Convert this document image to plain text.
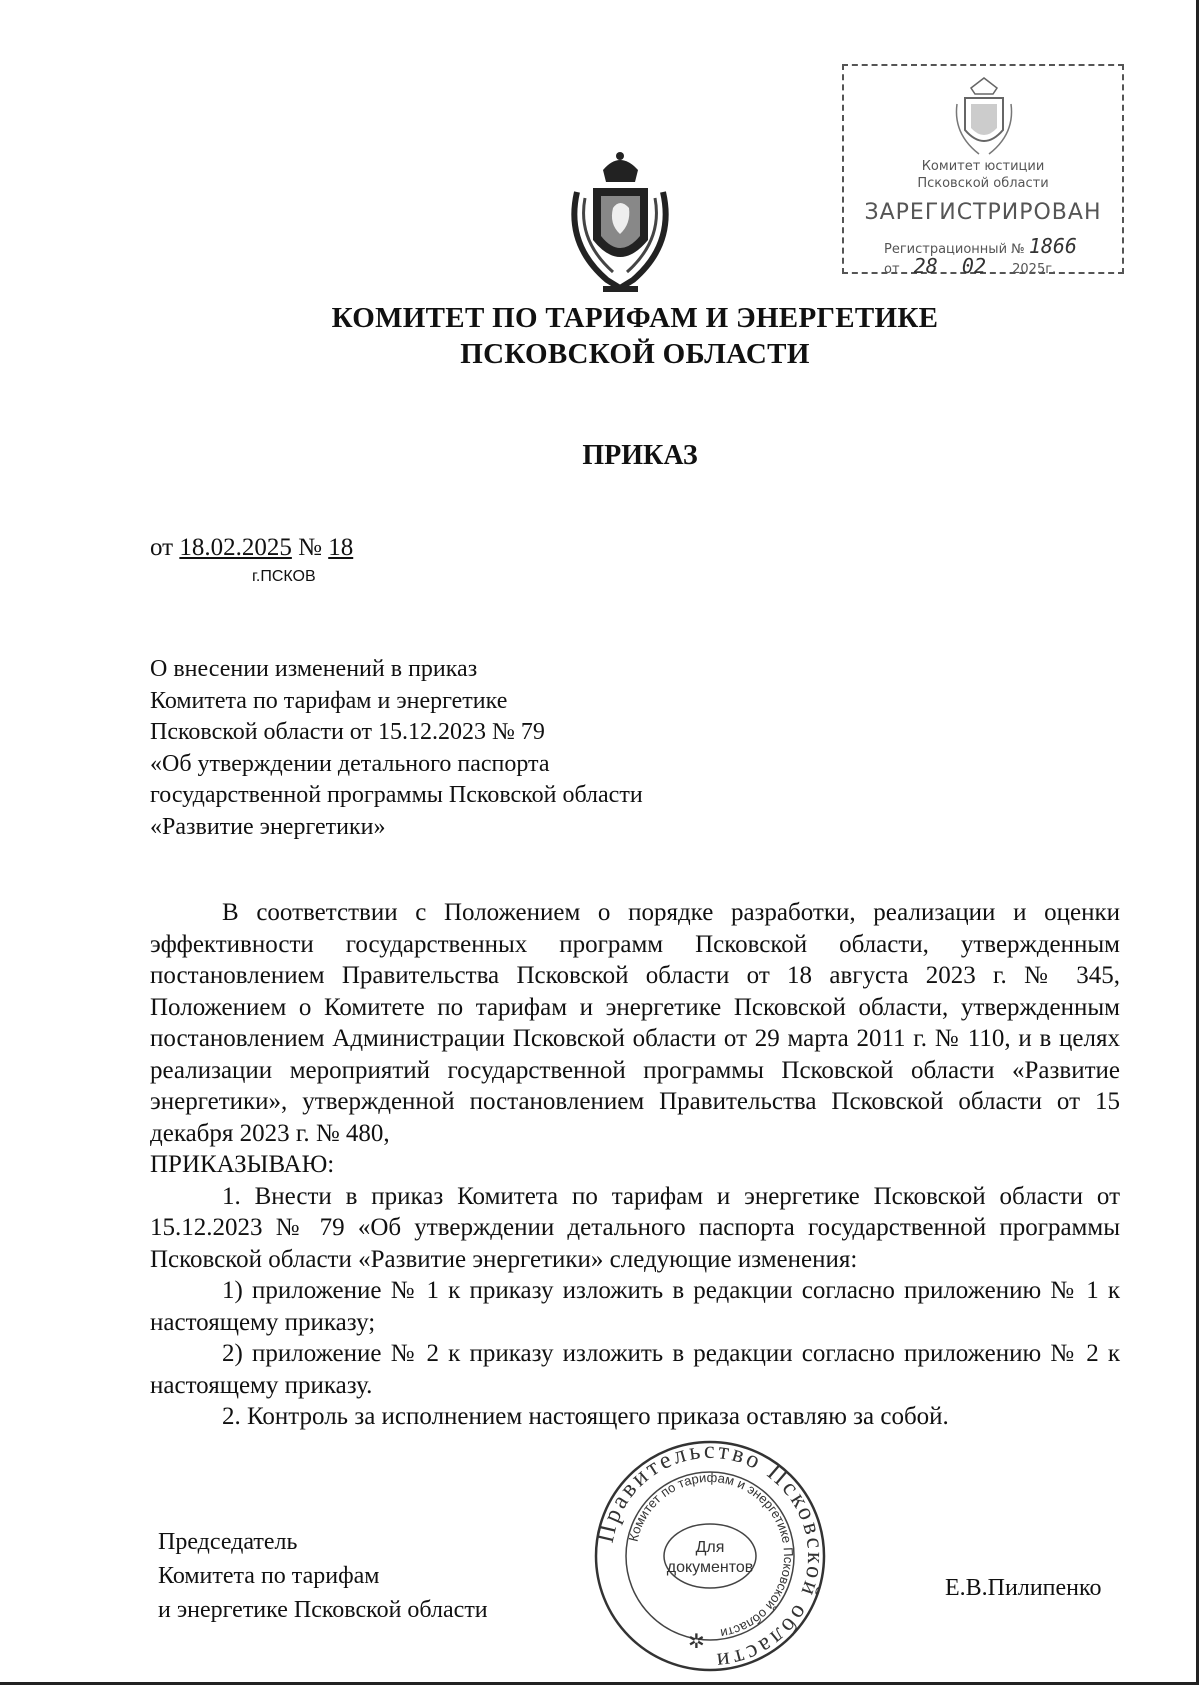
Комитет юстиции
Псковской области
ЗАРЕГИСТРИРОВАН
Регистрационный № 1866
от 28 02 2025г.
КОМИТЕТ ПО ТАРИФАМ И ЭНЕРГЕТИКЕ
ПСКОВСКОЙ ОБЛАСТИ
ПРИКАЗ
от 18.02.2025 № 18
г.ПСКОВ
О внесении изменений в приказ
Комитета по тарифам и энергетике
Псковской области от 15.12.2023 № 79
«Об утверждении детального паспорта
государственной программы Псковской области
«Развитие энергетики»

В соответствии с Положением о порядке разработки, реализации и оценки эффективности государственных программ Псковской области, утвержденным постановлением Правительства Псковской области от 18 августа 2023 г. № 345, Положением о Комитете по тарифам и энергетике Псковской области, утвержденным постановлением Администрации Псковской области от 29 марта 2011 г. № 110, и в целях реализации мероприятий государственной программы Псковской области «Развитие энергетики», утвержденной постановлением Правительства Псковской области от 15 декабря 2023 г. № 480,

ПРИКАЗЫВАЮ:

1. Внести в приказ Комитета по тарифам и энергетике Псковской области от 15.12.2023 № 79 «Об утверждении детального паспорта государственной программы Псковской области «Развитие энергетики» следующие изменения:

1) приложение № 1 к приказу изложить в редакции согласно приложению № 1 к настоящему приказу;

2) приложение № 2 к приказу изложить в редакции согласно приложению № 2 к настоящему приказу.

2. Контроль за исполнением настоящего приказа оставляю за собой.

Председатель
Комитета по тарифам
и энергетике Псковской области
Е.В.Пилипенко
Правительство Псковской области
Комитет по тарифам и энергетике Псковской области
Для
документов
✲
